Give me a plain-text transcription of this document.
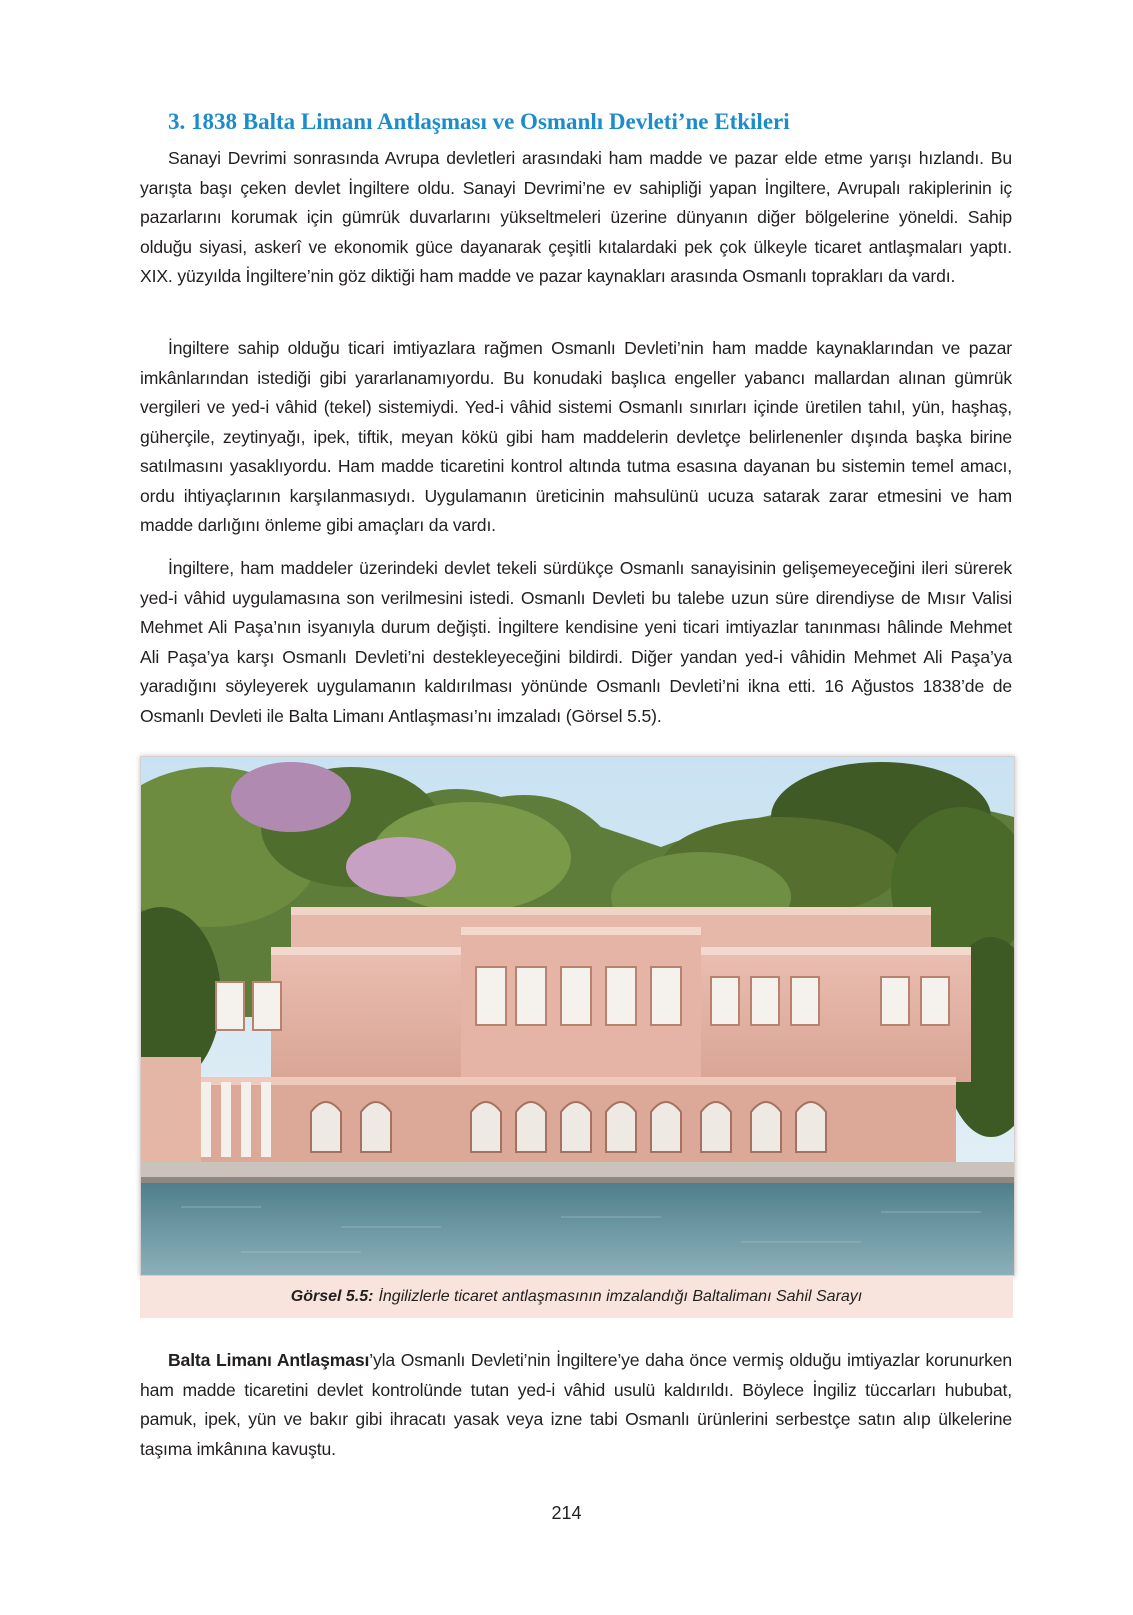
3. 1838 Balta Limanı Antlaşması ve Osmanlı Devleti’ne Etkileri

Sanayi Devrimi sonrasında Avrupa devletleri arasındaki ham madde ve pazar elde etme yarışı hızlandı. Bu yarışta başı çeken devlet İngiltere oldu. Sanayi Devrimi’ne ev sahipliği yapan İngiltere, Avrupalı rakiplerinin iç pazarlarını korumak için gümrük duvarlarını yükseltmeleri üzerine dünyanın diğer bölgelerine yöneldi. Sahip olduğu siyasi, askerî ve ekonomik güce dayanarak çeşitli kıtalardaki pek çok ülkeyle ticaret antlaşmaları yaptı. XIX. yüzyılda İngiltere’nin göz diktiği ham madde ve pazar kaynakları arasında Osmanlı toprakları da vardı.

İngiltere sahip olduğu ticari imtiyazlara rağmen Osmanlı Devleti’nin ham madde kaynaklarından ve pazar imkânlarından istediği gibi yararlanamıyordu. Bu konudaki başlıca engeller yabancı mallardan alınan gümrük vergileri ve yed-i vâhid (tekel) sistemiydi. Yed-i vâhid sistemi Osmanlı sınırları içinde üretilen tahıl, yün, haşhaş, güherçile, zeytinyağı, ipek, tiftik, meyan kökü gibi ham maddelerin devletçe belirlenenler dışında başka birine satılmasını yasaklıyordu. Ham madde ticaretini kontrol altında tutma esasına dayanan bu sistemin temel amacı, ordu ihtiyaçlarının karşılanmasıydı. Uygulamanın üreticinin mahsulünü ucuza satarak zarar etmesini ve ham madde darlığını önleme gibi amaçları da vardı.

İngiltere, ham maddeler üzerindeki devlet tekeli sürdükçe Osmanlı sanayisinin gelişemeyeceğini ileri sürerek yed-i vâhid uygulamasına son verilmesini istedi. Osmanlı Devleti bu talebe uzun süre direndiyse de Mısır Valisi Mehmet Ali Paşa’nın isyanıyla durum değişti. İngiltere kendisine yeni ticari imtiyazlar tanınması hâlinde Mehmet Ali Paşa’ya karşı Osmanlı Devleti’ni destekleyeceğini bildirdi. Diğer yandan yed-i vâhidin Mehmet Ali Paşa’ya yaradığını söyleyerek uygulamanın kaldırılması yönünde Osmanlı Devleti’ni ikna etti. 16 Ağustos 1838’de de Osmanlı Devleti ile Balta Limanı Antlaşması’nı imzaladı (Görsel 5.5).

Görsel 5.5: İngilizlerle ticaret antlaşmasının imzalandığı Baltalimanı Sahil Sarayı

Balta Limanı Antlaşması’yla Osmanlı Devleti’nin İngiltere’ye daha önce vermiş olduğu imtiyazlar korunurken ham madde ticaretini devlet kontrolünde tutan yed-i vâhid usulü kaldırıldı. Böylece İngiliz tüccarları hububat, pamuk, ipek, yün ve bakır gibi ihracatı yasak veya izne tabi Osmanlı ürünlerini serbestçe satın alıp ülkelerine taşıma imkânına kavuştu.

214
